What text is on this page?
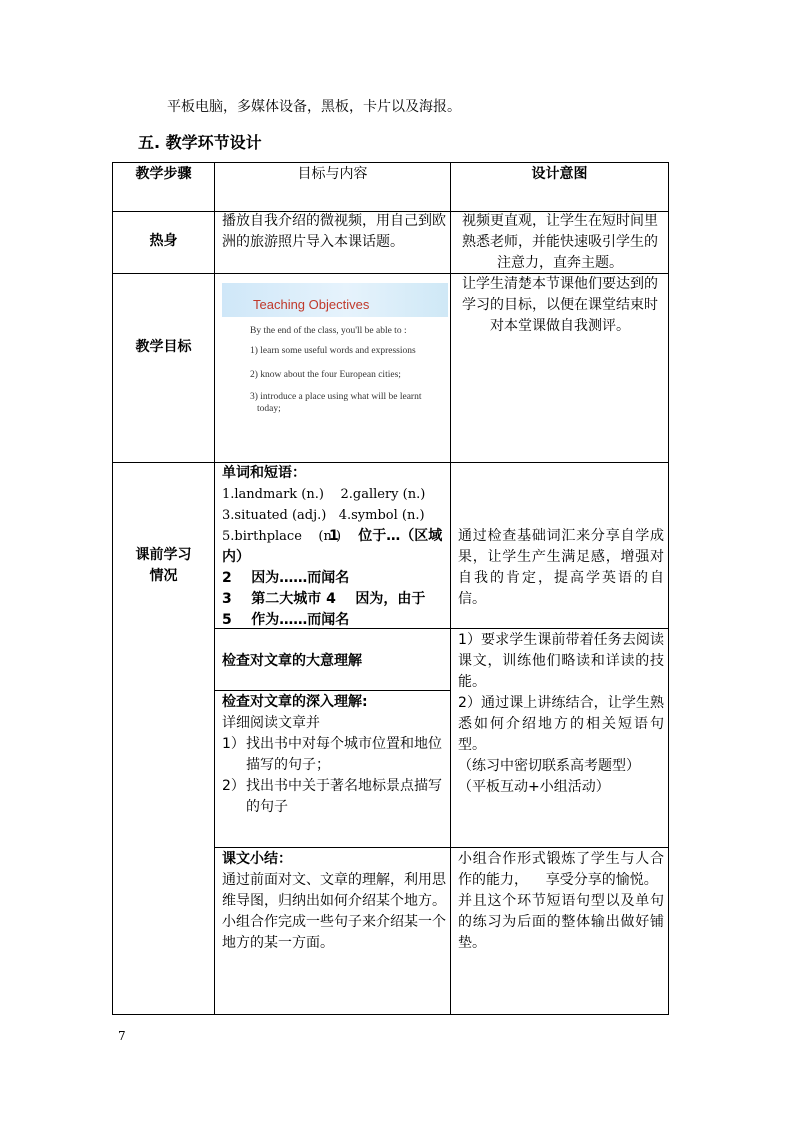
平板电脑，多媒体设备，黑板，卡片以及海报。
五. 教学环节设计
教学步骤	目标与内容	设计意图
热身
播放自我介绍的微视频，用自己到欧洲的旅游照片导入本课话题。
视频更直观，让学生在短时间里熟悉老师，并能快速吸引学生的注意力，直奔主题。
教学目标
Teaching Objectives
By the end of the class, you'll be able to :
1) learn some useful words and expressions
2) know about the four European cities;
3) introduce a place using what will be learnt
today;
让学生清楚本节课他们要达到的学习的目标，以便在课堂结束时对本堂课做自我测评。
课前学习
情况
单词和短语：
1.landmark (n.)    2.gallery (n.)
3.situated (adj.)   4.symbol (n.)
5.birthplace    (n.)
1    位于…（区域
内）
2    因为……而闻名
3    第二大城市 4    因为，由于
5    作为……而闻名
通过检查基础词汇来分享自学成果，让学生产生满足感，增强对自我的肯定，提高学英语的自信。
检查对文章的大意理解
检查对文章的深入理解:
详细阅读文章并
1） 找出书中对每个城市位置和地位描写的句子；
2） 找出书中关于著名地标景点描写的句子
1）要求学生课前带着任务去阅读课文，训练他们略读和详读的技能。
2）通过课上讲练结合，让学生熟悉如何介绍地方的相关短语句型。
（练习中密切联系高考题型）
（平板互动+小组活动）
课文小结：
通过前面对文、文章的理解，利用思维导图，归纳出如何介绍某个地方。小组合作完成一些句子来介绍某一个地方的某一方面。
小组合作形式锻炼了学生与人合作的能力，    享受分享的愉悦。
并且这个环节短语句型以及单句的练习为后面的整体输出做好铺垫。
7
